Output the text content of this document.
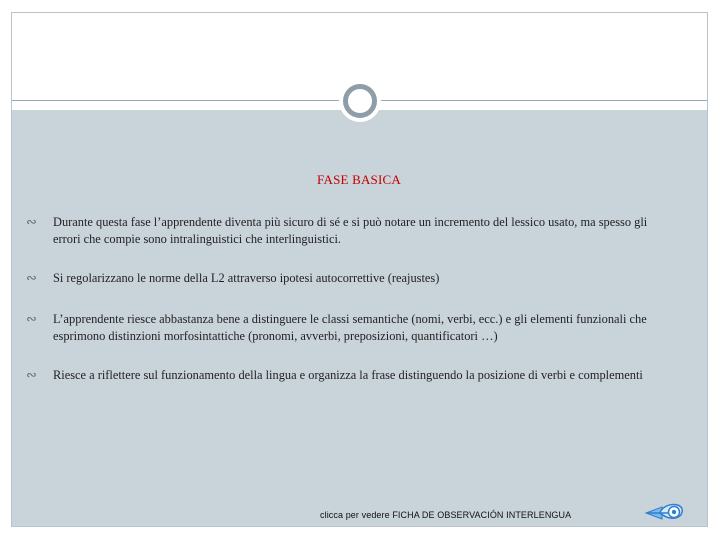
FASE BASICA
∾ Durante questa fase l’apprendente diventa più sicuro di sé e si può notare un incremento del lessico usato, ma spesso gli errori che compie sono intralinguistici che interlinguistici.
∾ Si regolarizzano le norme della L2 attraverso ipotesi autocorrettive (reajustes)
∾ L’apprendente riesce abbastanza bene a distinguere le classi semantiche (nomi, verbi, ecc.) e gli elementi funzionali che esprimono distinzioni morfosintattiche (pronomi, avverbi, preposizioni, quantificatori …)
∾ Riesce a riflettere sul funzionamento della lingua e organizza la frase distinguendo la posizione di verbi e complementi
clicca per vedere FICHA DE OBSERVACIÓN INTERLENGUA
